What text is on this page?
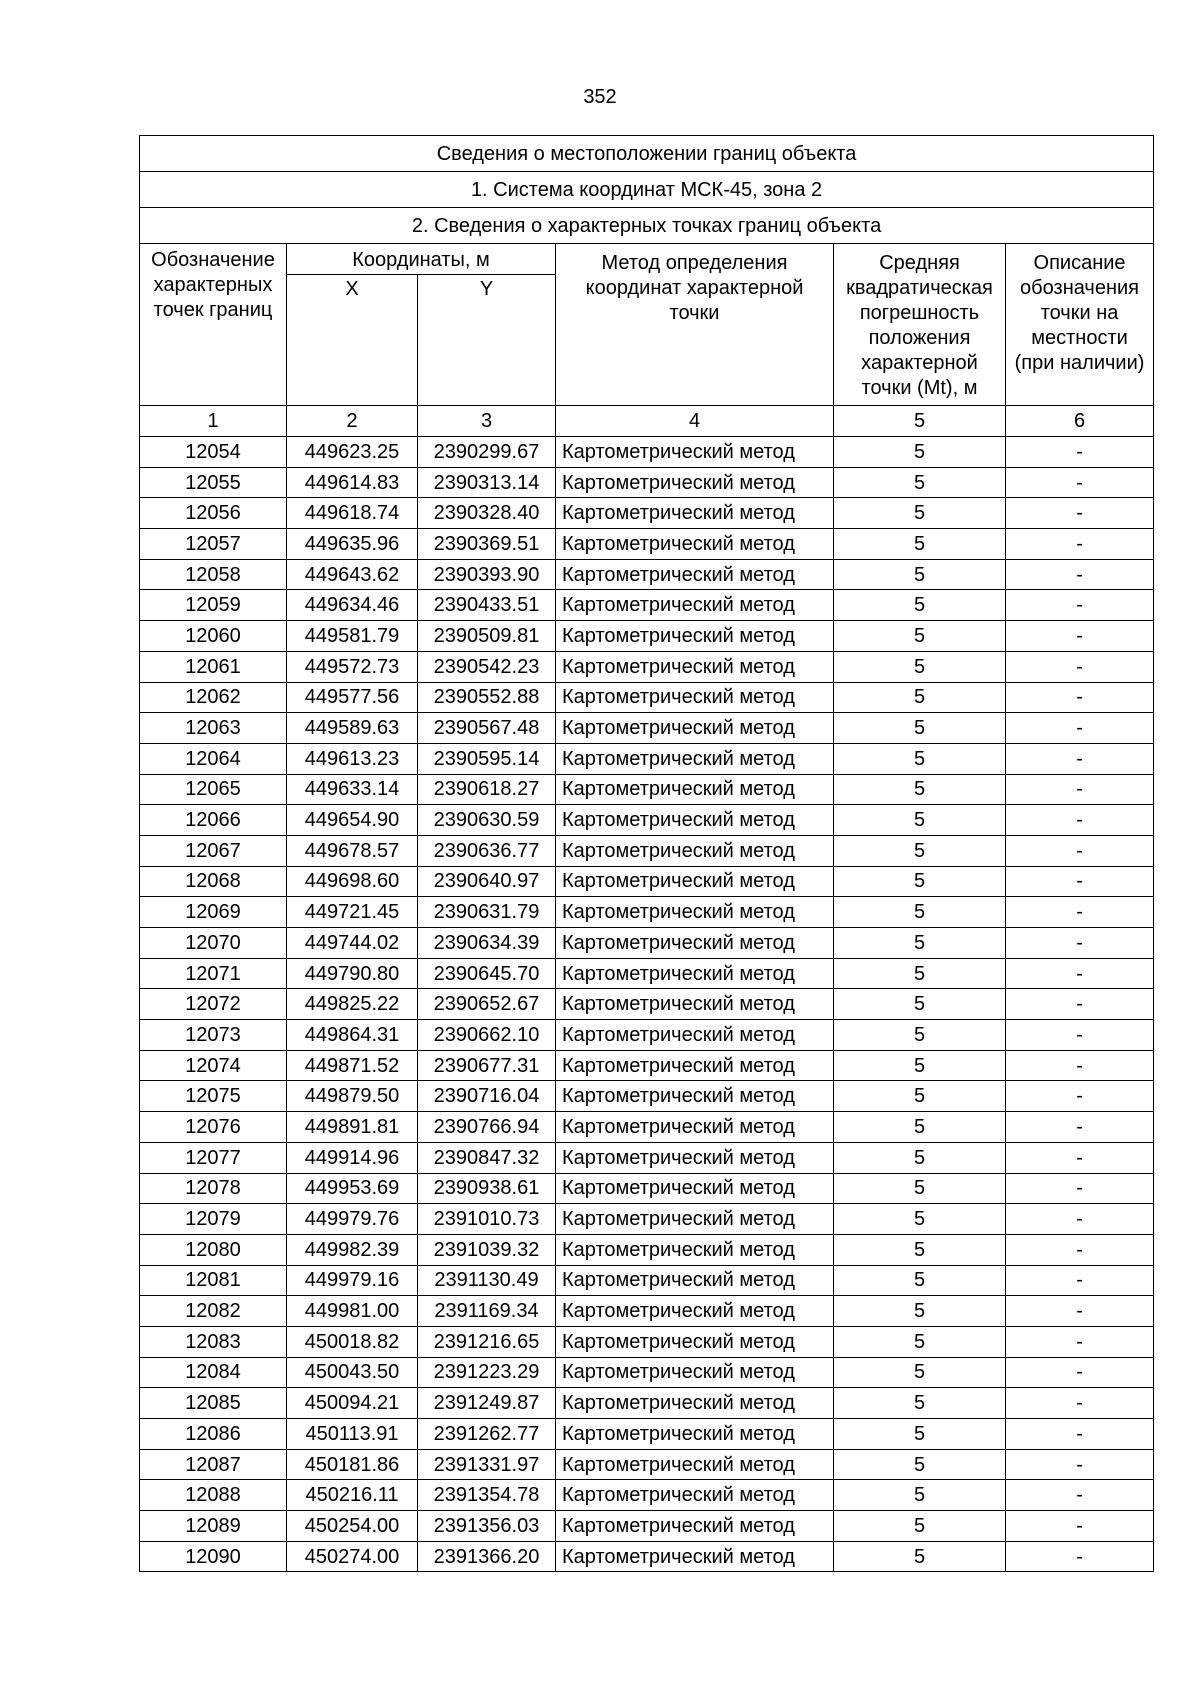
352
Сведения о местоположении границ объекта					
1. Система координат МСК-45, зона 2					
2. Сведения о характерных точках границ объекта					
Обозначение характерных точек границ	Координаты, м		Метод определения координат характерной точки	Средняя квадратическая погрешность положения характерной точки (Mt), м	Описание обозначения точки на местности (при наличии)
	X	Y			
1	2	3	4	5	6
12054	449623.25	2390299.67	Картометрический метод	5	-
12055	449614.83	2390313.14	Картометрический метод	5	-
12056	449618.74	2390328.40	Картометрический метод	5	-
12057	449635.96	2390369.51	Картометрический метод	5	-
12058	449643.62	2390393.90	Картометрический метод	5	-
12059	449634.46	2390433.51	Картометрический метод	5	-
12060	449581.79	2390509.81	Картометрический метод	5	-
12061	449572.73	2390542.23	Картометрический метод	5	-
12062	449577.56	2390552.88	Картометрический метод	5	-
12063	449589.63	2390567.48	Картометрический метод	5	-
12064	449613.23	2390595.14	Картометрический метод	5	-
12065	449633.14	2390618.27	Картометрический метод	5	-
12066	449654.90	2390630.59	Картометрический метод	5	-
12067	449678.57	2390636.77	Картометрический метод	5	-
12068	449698.60	2390640.97	Картометрический метод	5	-
12069	449721.45	2390631.79	Картометрический метод	5	-
12070	449744.02	2390634.39	Картометрический метод	5	-
12071	449790.80	2390645.70	Картометрический метод	5	-
12072	449825.22	2390652.67	Картометрический метод	5	-
12073	449864.31	2390662.10	Картометрический метод	5	-
12074	449871.52	2390677.31	Картометрический метод	5	-
12075	449879.50	2390716.04	Картометрический метод	5	-
12076	449891.81	2390766.94	Картометрический метод	5	-
12077	449914.96	2390847.32	Картометрический метод	5	-
12078	449953.69	2390938.61	Картометрический метод	5	-
12079	449979.76	2391010.73	Картометрический метод	5	-
12080	449982.39	2391039.32	Картометрический метод	5	-
12081	449979.16	2391130.49	Картометрический метод	5	-
12082	449981.00	2391169.34	Картометрический метод	5	-
12083	450018.82	2391216.65	Картометрический метод	5	-
12084	450043.50	2391223.29	Картометрический метод	5	-
12085	450094.21	2391249.87	Картометрический метод	5	-
12086	450113.91	2391262.77	Картометрический метод	5	-
12087	450181.86	2391331.97	Картометрический метод	5	-
12088	450216.11	2391354.78	Картометрический метод	5	-
12089	450254.00	2391356.03	Картометрический метод	5	-
12090	450274.00	2391366.20	Картометрический метод	5	-
